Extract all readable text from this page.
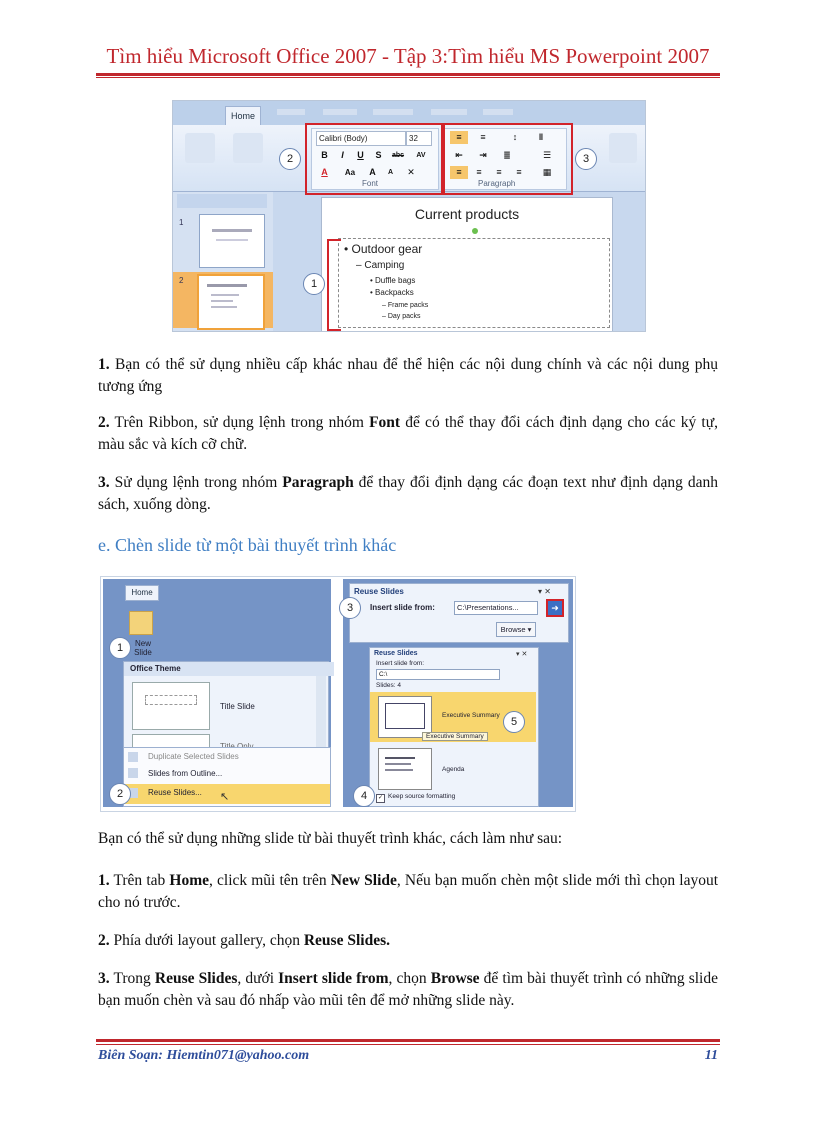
Tìm hiểu Microsoft Office 2007 - Tập 3:Tìm hiểu MS Powerpoint 2007
Home
Calibri (Body)	32
B	I	U	S	abc	AV
A	Aa	A	A	✕
Font
≡	≡	↕	‖
⇤	⇥	≣	☰
≡	≡	≡	≡	▦
Paragraph
2	3
1
2
Current products
• Outdoor gear
– Camping
• Duffle bags
• Backpacks
– Frame packs
– Day packs
1
1. Bạn có thể sử dụng nhiều cấp khác nhau để thể hiện các nội dung chính và các nội dung phụ tương ứng
2. Trên Ribbon, sử dụng lệnh trong nhóm Font để có thể thay đổi cách định dạng cho các ký tự, màu sắc và kích cỡ chữ.
3. Sử dụng lệnh trong nhóm Paragraph để thay đổi định dạng các đoạn text như định dạng danh sách, xuống dòng.
e. Chèn slide từ một bài thuyết trình khác
Home
New Slide
1
Office Theme
Title Slide
Duplicate Selected Slides
Slides from Outline...
Reuse Slides... ↖
2
Reuse Slides	▾ ✕
Insert slide from:	C:\Presentations...	➜
Browse ▾
3
Reuse Slides	▾ ✕
Insert slide from:
C:\
Slides: 4
Executive Summary
Executive Summary
Agenda
✓ Keep source formatting
4
5
Bạn có thể sử dụng những slide từ bài thuyết trình khác, cách làm như sau:
1. Trên tab Home, click mũi tên trên New Slide, Nếu bạn muốn chèn một slide mới thì chọn layout cho nó trước.
2. Phía dưới layout gallery, chọn Reuse Slides.
3. Trong Reuse Slides, dưới Insert slide from, chọn Browse để tìm bài thuyết trình có những slide bạn muốn chèn và sau đó nhấp vào mũi tên để mở những slide này.
Biên Soạn: Hiemtin071@yahoo.com	11
